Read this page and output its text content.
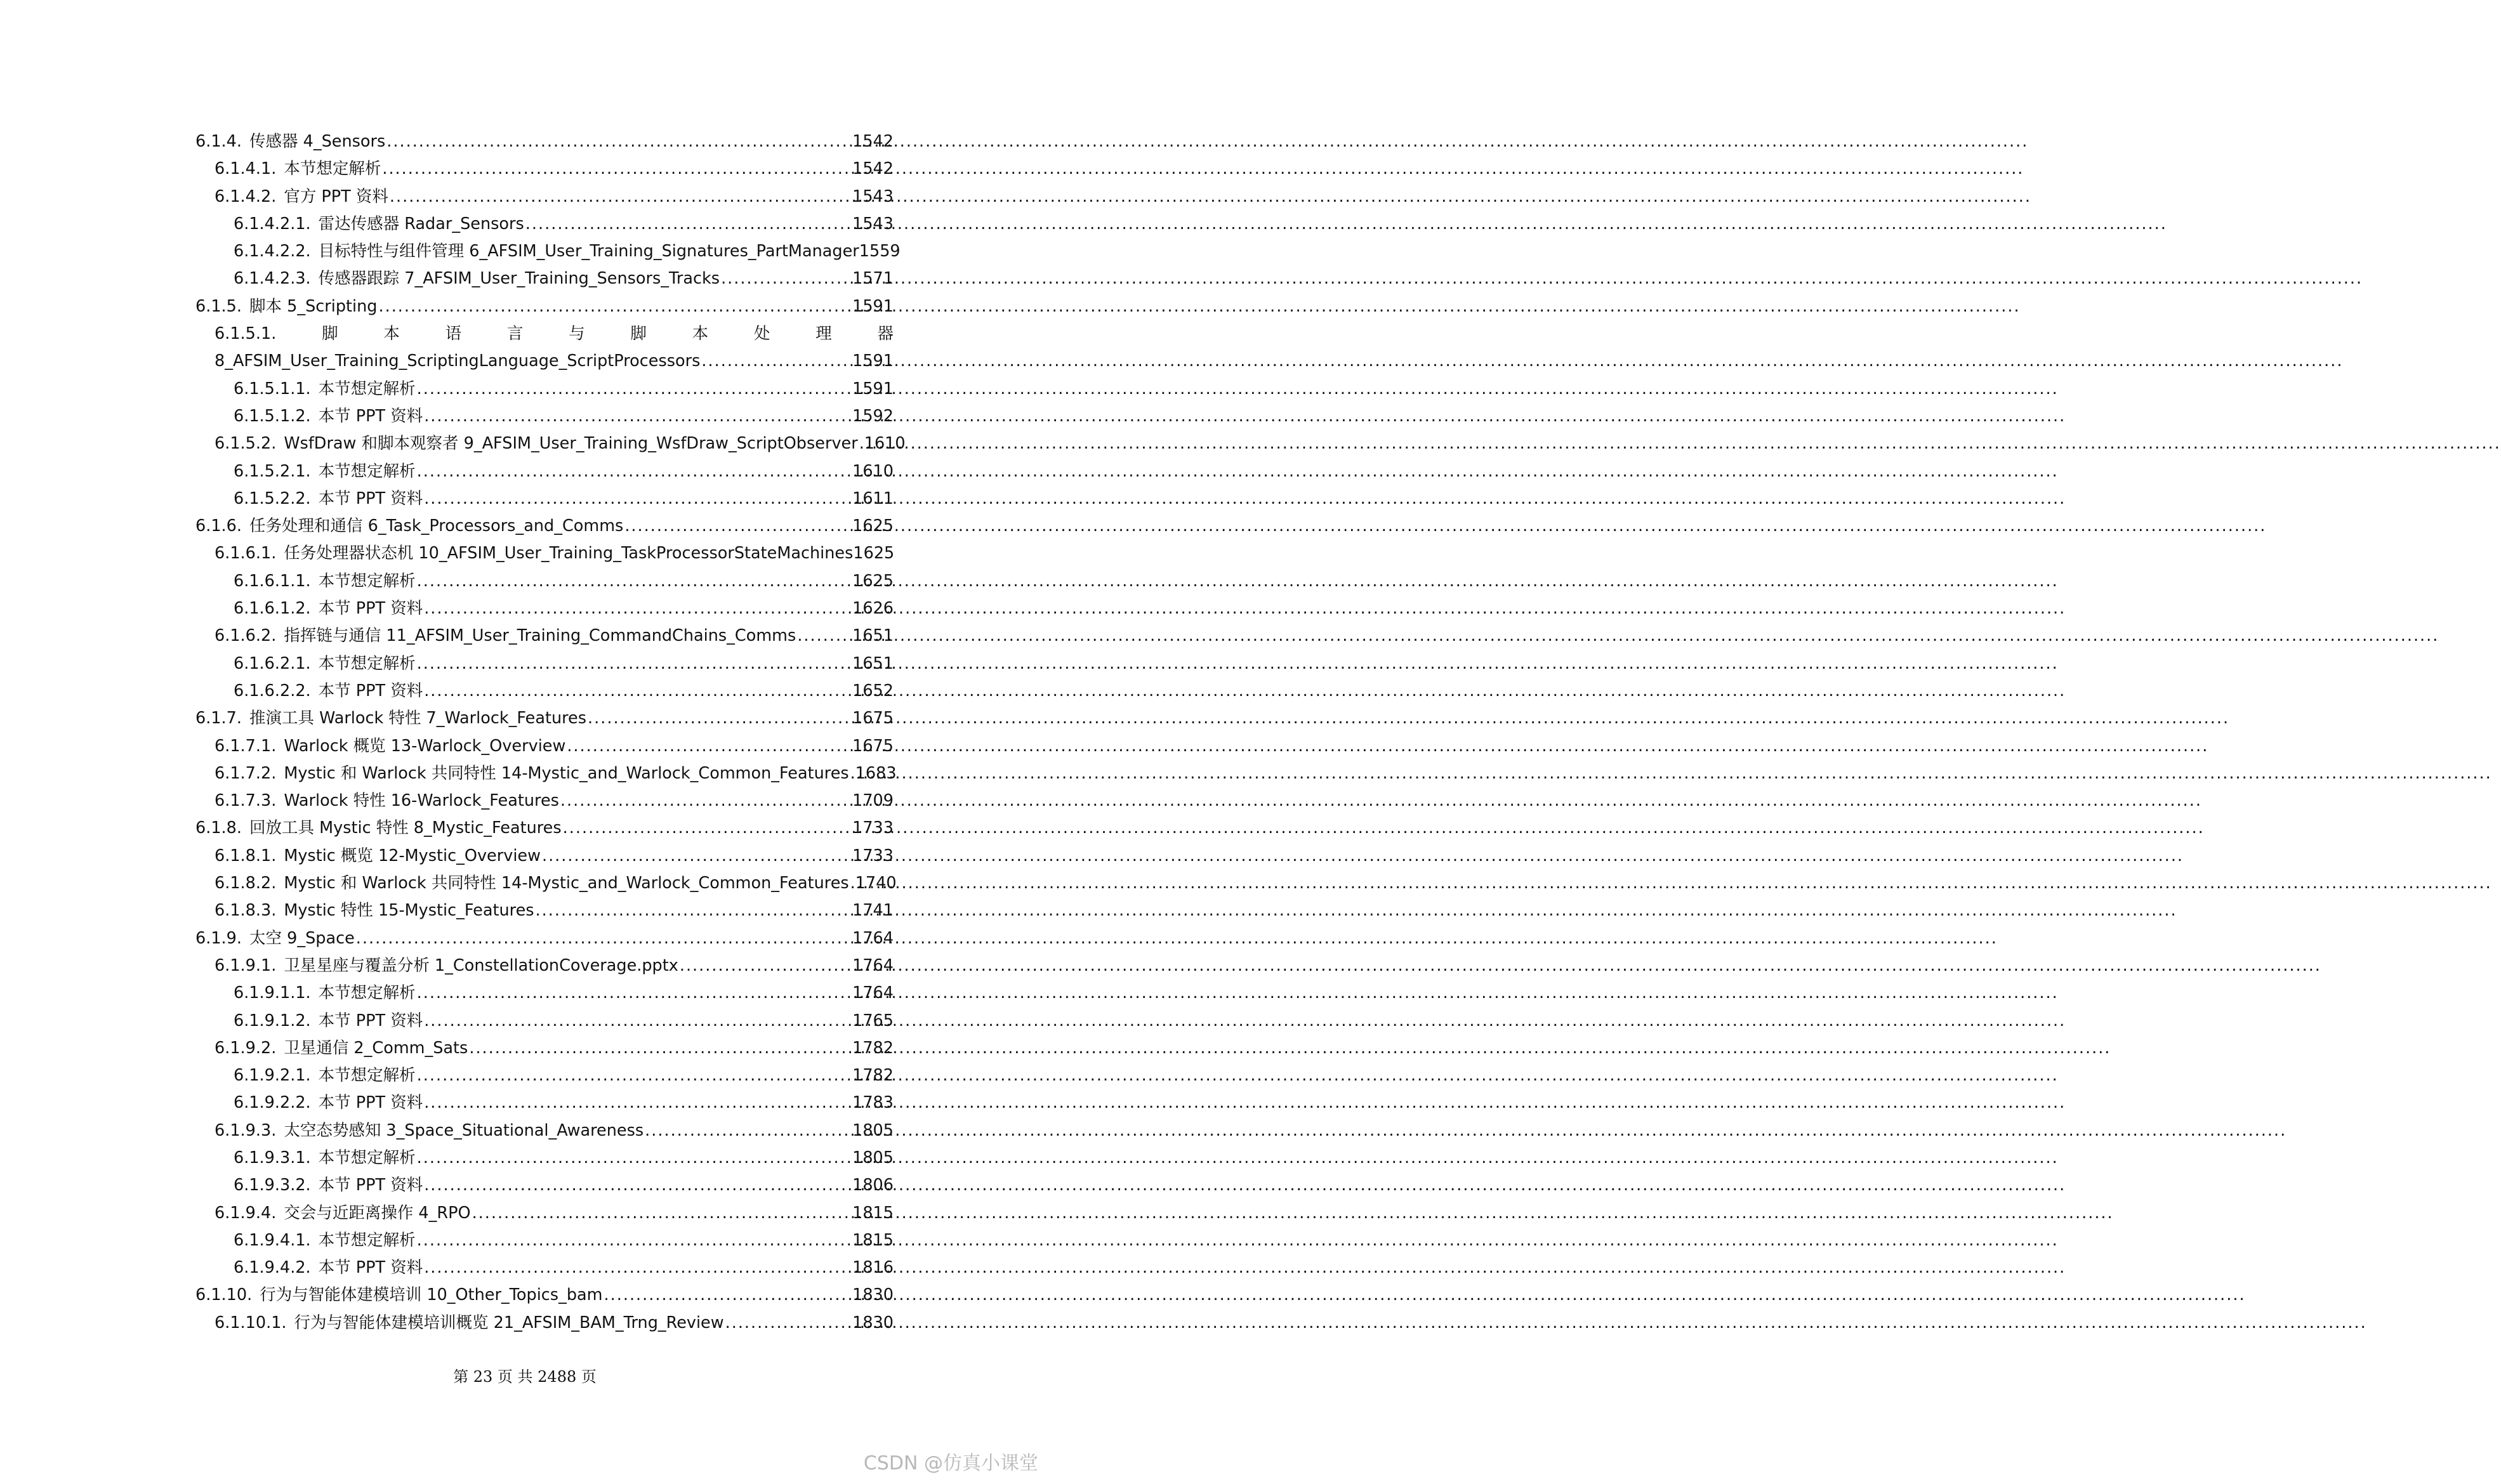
6.1.4. 传感器 4_Sensors .....	1542
6.1.4.1. 本节想定解析 .....	1542
6.1.4.2. 官方 PPT 资料 .....	1543
6.1.4.2.1. 雷达传感器 Radar_Sensors .....	1543
6.1.4.2.2. 目标特性与组件管理 6_AFSIM_User_Training_Signatures_PartManager 1559
6.1.4.2.3. 传感器跟踪 7_AFSIM_User_Training_Sensors_Tracks .....	1571
6.1.5. 脚本 5_Scripting .....	1591
6.1.5.1.	脚	本	语	言	与	脚	本	处	理	器
8_AFSIM_User_Training_ScriptingLanguage_ScriptProcessors .....	1591
6.1.5.1.1. 本节想定解析 .....	1591
6.1.5.1.2. 本节 PPT 资料 .....	1592
6.1.5.2. WsfDraw 和脚本观察者 9_AFSIM_User_Training_WsfDraw_ScriptObserver ..... 1610
6.1.5.2.1. 本节想定解析 .....	1610
6.1.5.2.2. 本节 PPT 资料 .....	1611
6.1.6. 任务处理和通信 6_Task_Processors_and_Comms .....	1625
6.1.6.1. 任务处理器状态机 10_AFSIM_User_Training_TaskProcessorStateMachines 1625
6.1.6.1.1. 本节想定解析 .....	1625
6.1.6.1.2. 本节 PPT 资料 .....	1626
6.1.6.2. 指挥链与通信 11_AFSIM_User_Training_CommandChains_Comms .....	1651
6.1.6.2.1. 本节想定解析 .....	1651
6.1.6.2.2. 本节 PPT 资料 .....	1652
6.1.7. 推演工具 Warlock 特性 7_Warlock_Features .....	1675
6.1.7.1. Warlock 概览 13-Warlock_Overview .....	1675
6.1.7.2. Mystic 和 Warlock 共同特性 14-Mystic_and_Warlock_Common_Features ..... 1683
6.1.7.3. Warlock 特性 16-Warlock_Features .....	1709
6.1.8. 回放工具 Mystic 特性 8_Mystic_Features .....	1733
6.1.8.1. Mystic 概览 12-Mystic_Overview .....	1733
6.1.8.2. Mystic 和 Warlock 共同特性 14-Mystic_and_Warlock_Common_Features ..... 1740
6.1.8.3. Mystic 特性 15-Mystic_Features .....	1741
6.1.9. 太空 9_Space .....	1764
6.1.9.1. 卫星星座与覆盖分析 1_ConstellationCoverage.pptx .....	1764
6.1.9.1.1. 本节想定解析 .....	1764
6.1.9.1.2. 本节 PPT 资料 .....	1765
6.1.9.2. 卫星通信 2_Comm_Sats .....	1782
6.1.9.2.1. 本节想定解析 .....	1782
6.1.9.2.2. 本节 PPT 资料 .....	1783
6.1.9.3. 太空态势感知 3_Space_Situational_Awareness .....	1805
6.1.9.3.1. 本节想定解析 .....	1805
6.1.9.3.2. 本节 PPT 资料 .....	1806
6.1.9.4. 交会与近距离操作 4_RPO .....	1815
6.1.9.4.1. 本节想定解析 .....	1815
6.1.9.4.2. 本节 PPT 资料 .....	1816
6.1.10. 行为与智能体建模培训 10_Other_Topics_bam .....	1830
6.1.10.1. 行为与智能体建模培训概览 21_AFSIM_BAM_Trng_Review .....	1830
第 23 页 共 2488 页
CSDN @仿真小课堂
